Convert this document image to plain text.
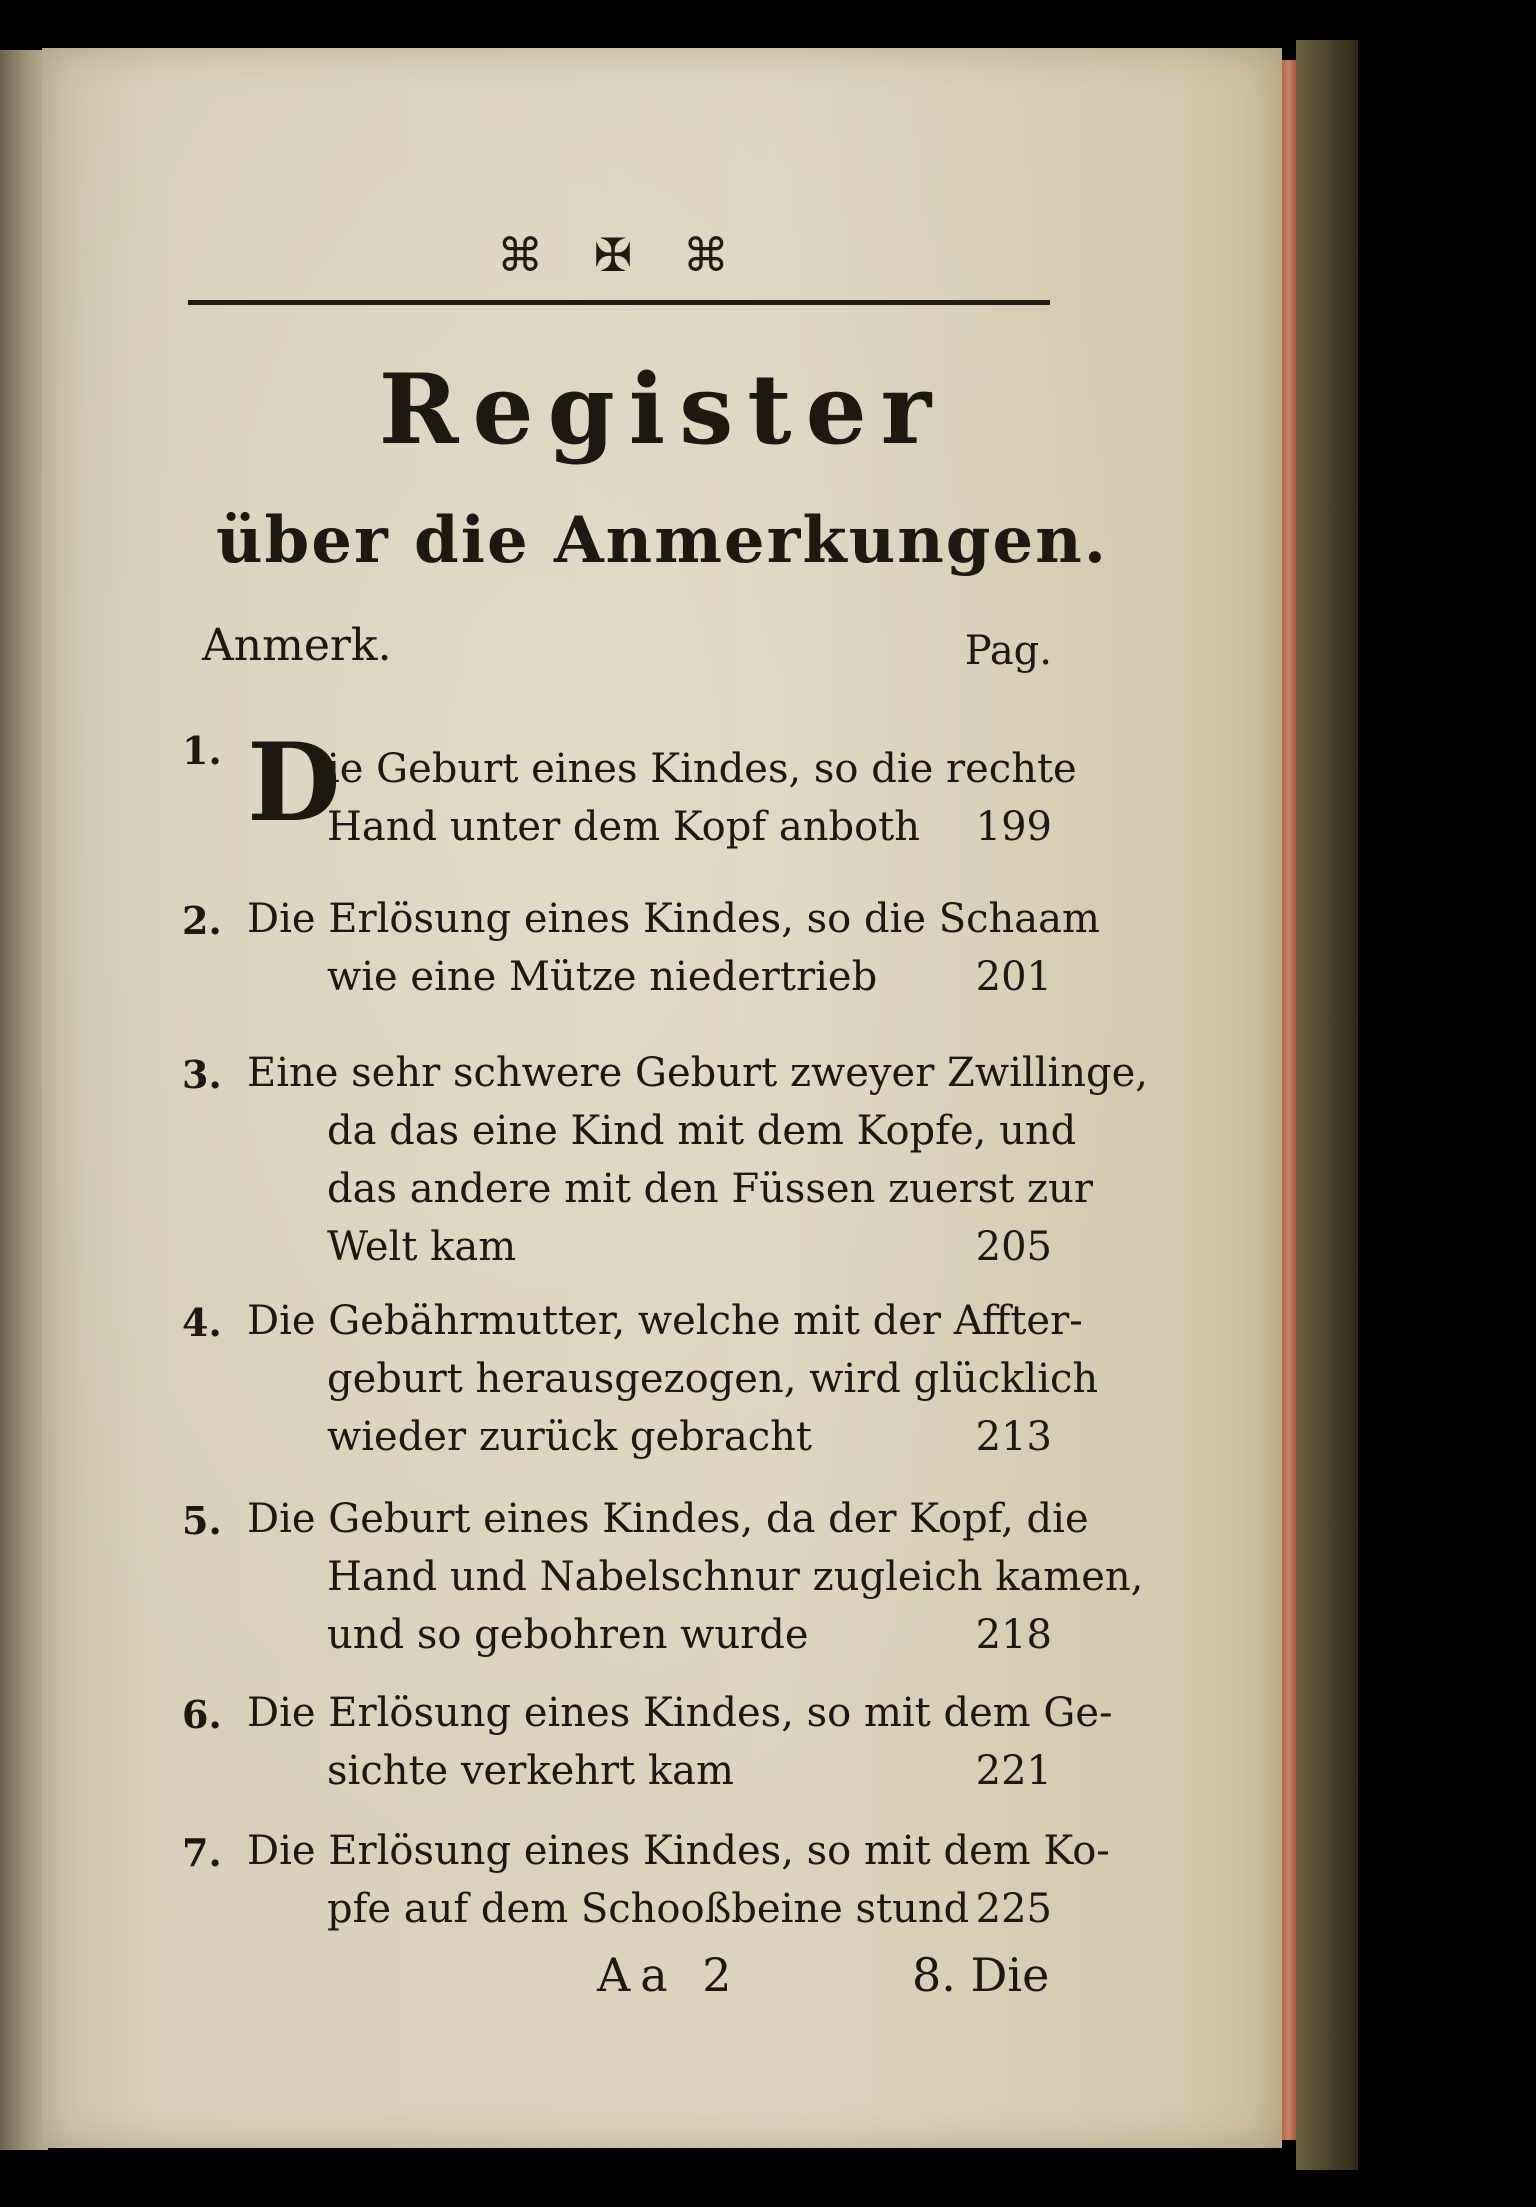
⌘ ✠ ⌘
Register
über die Anmerkungen.
Anmerk.	Pag.
1. D
ie Geburt eines Kindes, so die rechte
Hand unter dem Kopf anboth	199
2. Die Erlösung eines Kindes, so die Schaam
wie eine Mütze niedertrieb	201
3. Eine sehr schwere Geburt zweyer Zwillinge,
da das eine Kind mit dem Kopfe, und
das andere mit den Füssen zuerst zur
Welt kam	205
4. Die Gebährmutter, welche mit der Affter-
geburt herausgezogen, wird glücklich
wieder zurück gebracht	213
5. Die Geburt eines Kindes, da der Kopf, die
Hand und Nabelschnur zugleich kamen,
und so gebohren wurde	218
6. Die Erlösung eines Kindes, so mit dem Ge-
sichte verkehrt kam	221
7. Die Erlösung eines Kindes, so mit dem Ko-
pfe auf dem Schooßbeine stund 225
Aa 2	8. Die
